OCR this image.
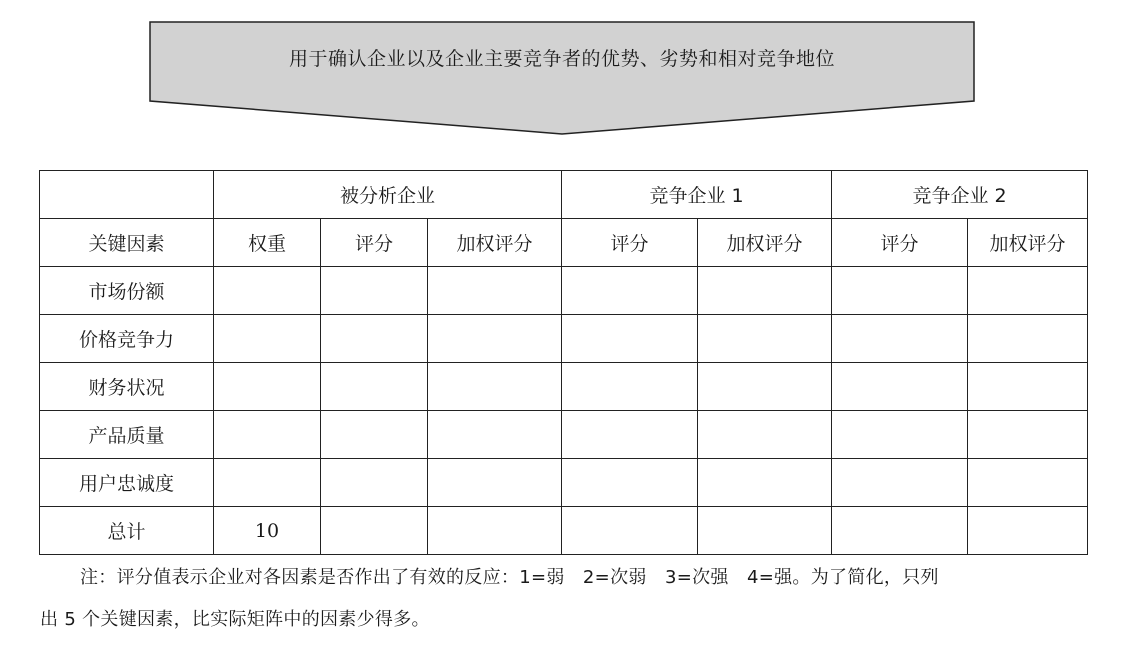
用于确认企业以及企业主要竞争者的优势、劣势和相对竞争地位
	被分析企业			竞争企业 1		竞争企业 2	
关键因素	权重	评分	加权评分	评分	加权评分	评分	加权评分
市场份额							
价格竞争力							
财务状况							
产品质量							
用户忠诚度							
总计	10						
注：评分值表示企业对各因素是否作出了有效的反应：1=弱　2=次弱　3=次强　4=强。为了简化，只列
出 5 个关键因素，比实际矩阵中的因素少得多。
